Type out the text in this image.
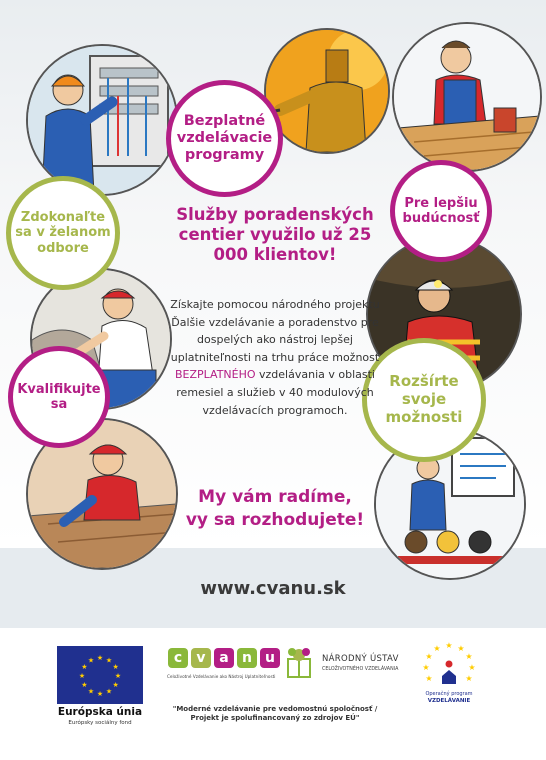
Bezplatné vzdelávacie programy
Zdokonaľte sa v želanom odbore
Pre lepšiu budúcnosť
Kvalifikujte sa
Rozšírte svoje možnosti
Služby poradenských centier využilo už 25 000 klientov!
Získajte pomocou národného projektu Ďalšie vzdelávanie a poradenstvo pre dospelých ako nástroj lepšej uplatniteľnosti na trhu práce možnosť BEZPLATNÉHO vzdelávania v oblasti remesiel a služieb v 40 modulových vzdelávacích programoch.
My vám radíme,
vy sa rozhodujete!
www.cvanu.sk
★ ★
★
★
★
★
★
★
★
★
★
★
Európska únia
Európsky sociálny fond
c	v a n u
Celoživotné Vzdelávanie ako Nástroj Uplatniteľnosti
NÁRODNÝ ÚSTAV
CELOŽIVOTNÉHO VZDELÁVANIA
★ ★
★
★
★
★
★
★
★
Operačný program
VZDELÁVANIE
"Moderné vzdelávanie pre vedomostnú spoločnosť /
Projekt je spolufinancovaný zo zdrojov EÚ"
